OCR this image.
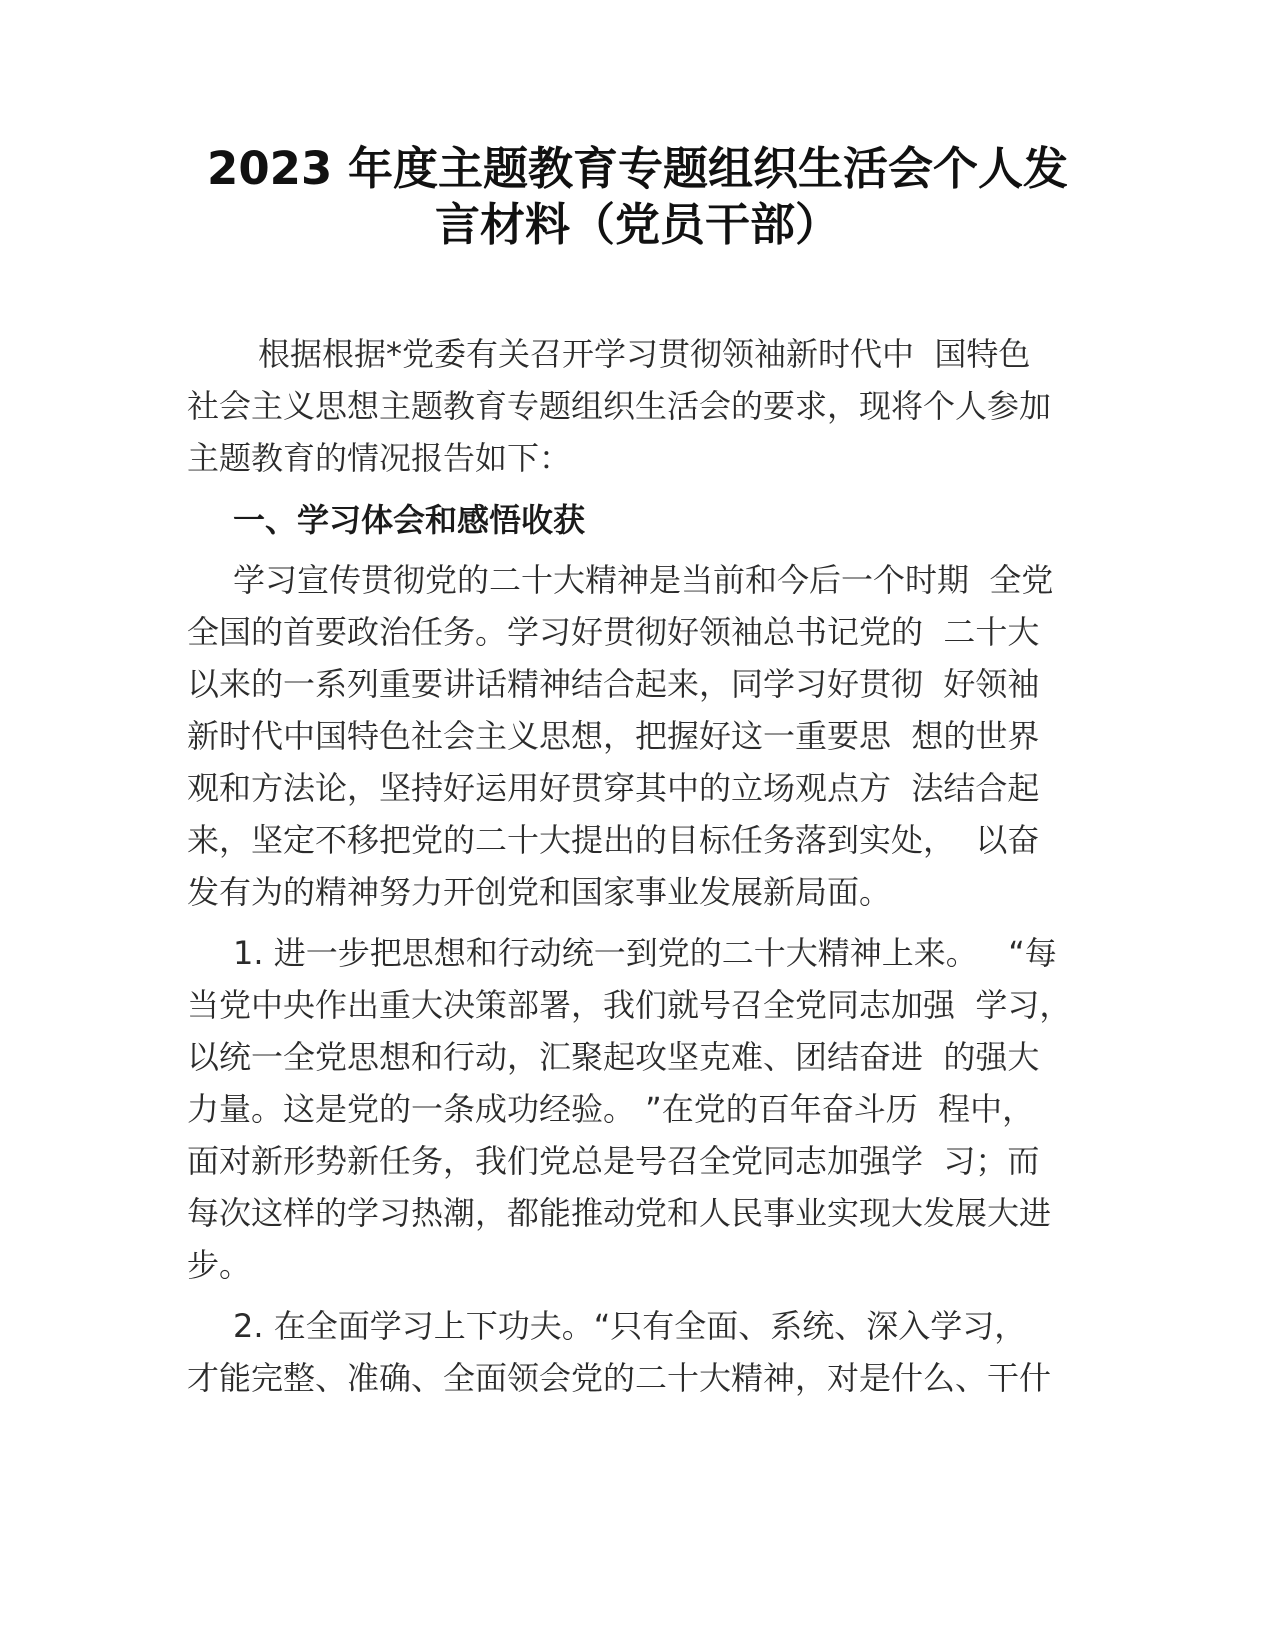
2023 年度主题教育专题组织生活会个人发
言材料（党员干部）
根据根据*党委有关召开学习贯彻领袖新时代中  国特色
社会主义思想主题教育专题组织生活会的要求，现将个人参加
主题教育的情况报告如下：
一、学习体会和感悟收获
学习宣传贯彻党的二十大精神是当前和今后一个时期  全党
全国的首要政治任务。学习好贯彻好领袖总书记党的  二十大
以来的一系列重要讲话精神结合起来，同学习好贯彻  好领袖
新时代中国特色社会主义思想，把握好这一重要思  想的世界
观和方法论，坚持好运用好贯穿其中的立场观点方  法结合起
来，坚定不移把党的二十大提出的目标任务落到实处，  以奋
发有为的精神努力开创党和国家事业发展新局面。
1. 进一步把思想和行动统一到党的二十大精神上来。   “每
当党中央作出重大决策部署，我们就号召全党同志加强  学习，
以统一全党思想和行动，汇聚起攻坚克难、团结奋进  的强大
力量。这是党的一条成功经验。 ”在党的百年奋斗历  程中，
面对新形势新任务，我们党总是号召全党同志加强学  习；而
每次这样的学习热潮，都能推动党和人民事业实现大发展大进
步。
2. 在全面学习上下功夫。“只有全面、系统、深入学习，
才能完整、准确、全面领会党的二十大精神，对是什么、干什
